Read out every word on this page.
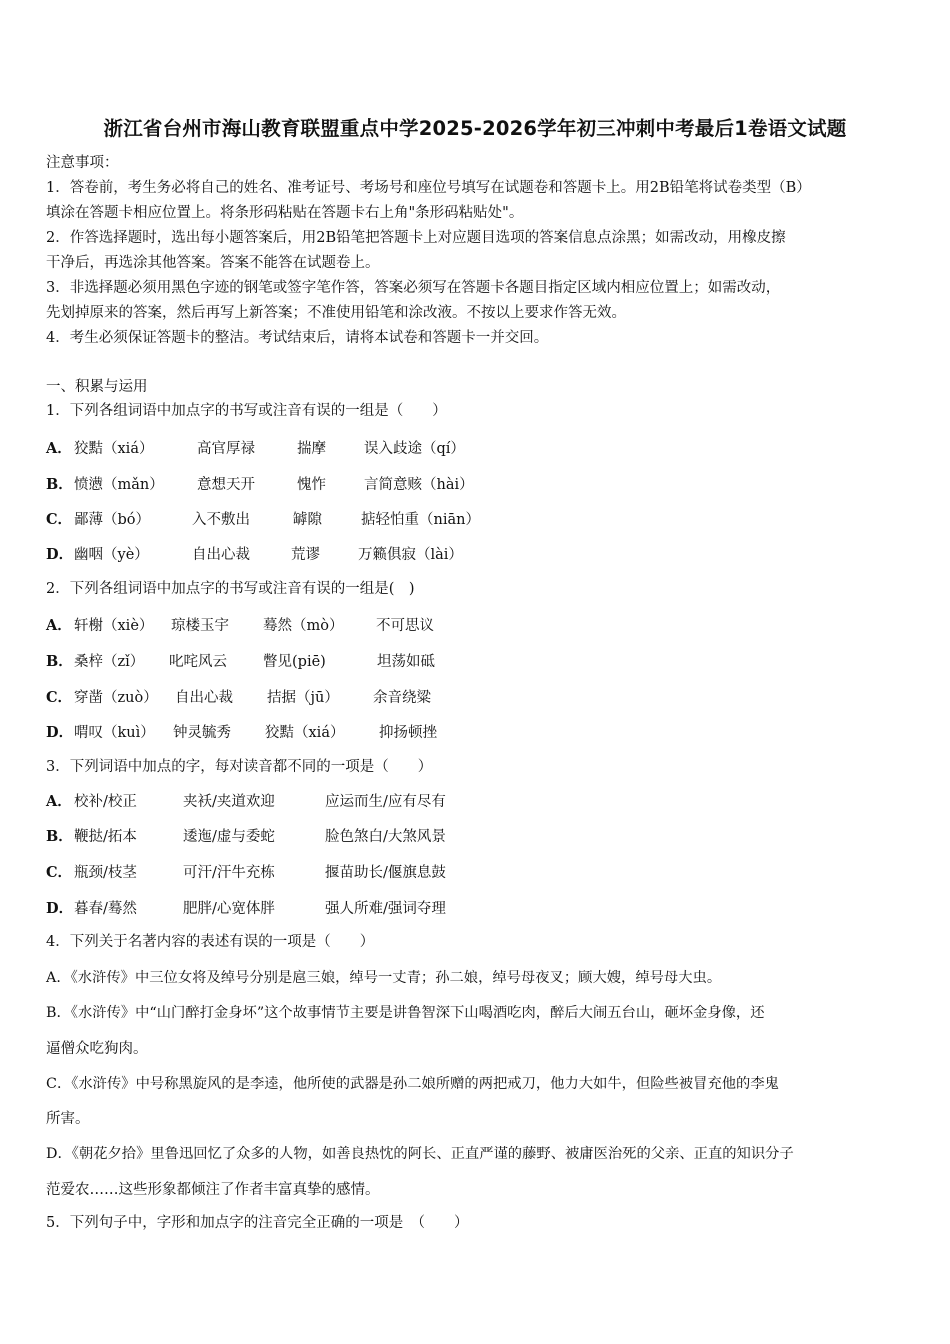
浙江省台州市海山教育联盟重点中学2025-2026学年初三冲刺中考最后1卷语文试题
注意事项：
1．答卷前，考生务必将自己的姓名、准考证号、考场号和座位号填写在试题卷和答题卡上。用2B铅笔将试卷类型（B）
填涂在答题卡相应位置上。将条形码粘贴在答题卡右上角"条形码粘贴处"。
2．作答选择题时，选出每小题答案后，用2B铅笔把答题卡上对应题目选项的答案信息点涂黑；如需改动，用橡皮擦
干净后，再选涂其他答案。答案不能答在试题卷上。
3．非选择题必须用黑色字迹的钢笔或签字笔作答，答案必须写在答题卡各题目指定区域内相应位置上；如需改动，
先划掉原来的答案，然后再写上新答案；不准使用铅笔和涂改液。不按以上要求作答无效。
4．考生必须保证答题卡的整洁。考试结束后，请将本试卷和答题卡一并交回。
一、积累与运用
1．下列各组词语中加点字的书写或注音有误的一组是（　　）
A． 狡黠（xiá）	高官厚禄	揣摩	误入歧途（qí）
B． 愤懑（mǎn） 意想天开	愧怍	言简意赅（hài）
C． 鄙薄（bó）	入不敷出	罅隙	掂轻怕重（niān）
D． 幽咽（yè）	自出心裁	荒谬	万籁俱寂（lài）
2．下列各组词语中加点字的书写或注音有误的一组是(　)
A． 轩榭（xiè） 琼楼玉宇 蓦然（mò） 不可思议
B． 桑梓（zǐ） 叱咤风云 瞥见(piē)	坦荡如砥
C． 穿凿（zuò） 自出心裁 拮据（jū） 余音绕粱
D． 喟叹（kuì） 钟灵毓秀 狡黠（xiá） 抑扬顿挫
3．下列词语中加点的字，每对读音都不同的一项是（　　）
A． 校补/校正	夹袄/夹道欢迎	应运而生/应有尽有
B． 鞭挞/拓本	逶迤/虚与委蛇	脸色煞白/大煞风景
C． 瓶颈/枝茎	可汗/汗牛充栋	揠苗助长/偃旗息鼓
D． 暮春/蓦然	肥胖/心宽体胖	强人所难/强词夺理
4．下列关于名著内容的表述有误的一项是（　　）
A．《水浒传》中三位女将及绰号分别是扈三娘，绰号一丈青；孙二娘，绰号母夜叉；顾大嫂，绰号母大虫。
B．《水浒传》中“山门醉打金身坏”这个故事情节主要是讲鲁智深下山喝酒吃肉，醉后大闹五台山，砸坏金身像，还
逼僧众吃狗肉。
C．《水浒传》中号称黑旋风的是李逵，他所使的武器是孙二娘所赠的两把戒刀，他力大如牛，但险些被冒充他的李鬼
所害。
D．《朝花夕拾》里鲁迅回忆了众多的人物，如善良热忱的阿长、正直严谨的藤野、被庸医治死的父亲、正直的知识分子
范爱农……这些形象都倾注了作者丰富真挚的感情。
5．下列句子中，字形和加点字的注音完全正确的一项是　（　　）
